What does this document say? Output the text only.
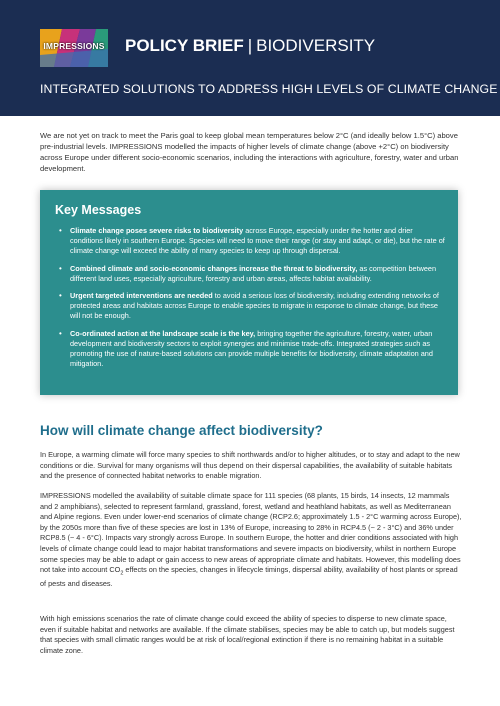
IMPRESSIONS POLICY BRIEF | BIODIVERSITY
INTEGRATED SOLUTIONS TO ADDRESS HIGH LEVELS OF CLIMATE CHANGE

We are not yet on track to meet the Paris goal to keep global mean temperatures below 2°C (and ideally below 1.5°C) above pre-industrial levels. IMPRESSIONS modelled the impacts of higher levels of climate change (above +2°C) on biodiversity across Europe under different socio-economic scenarios, including the interactions with agriculture, forestry, water and urban development.

Key Messages
• Climate change poses severe risks to biodiversity across Europe, especially under the hotter and drier conditions likely in southern Europe. Species will need to move their range (or stay and adapt, or die), but the rate of climate change will exceed the ability of many species to keep up through dispersal.
• Combined climate and socio-economic changes increase the threat to biodiversity, as competition between different land uses, especially agriculture, forestry and urban areas, affects habitat availability.
• Urgent targeted interventions are needed to avoid a serious loss of biodiversity, including extending networks of protected areas and habitats across Europe to enable species to migrate in response to climate change, but these will not be enough.
• Co-ordinated action at the landscape scale is the key, bringing together the agriculture, forestry, water, urban development and biodiversity sectors to exploit synergies and minimise trade-offs. Integrated strategies such as promoting the use of nature-based solutions can provide multiple benefits for biodiversity, climate adaptation and mitigation.
How will climate change affect biodiversity?

In Europe, a warming climate will force many species to shift northwards and/or to higher altitudes, or to stay and adapt to the new conditions or die. Survival for many organisms will thus depend on their dispersal capabilities, the availability of suitable habitats and the presence of connected habitat networks to enable migration.

IMPRESSIONS modelled the availability of suitable climate space for 111 species (68 plants, 15 birds, 14 insects, 12 mammals and 2 amphibians), selected to represent farmland, grassland, forest, wetland and heathland habitats, as well as Mediterranean and Alpine regions. Even under lower-end scenarios of climate change (RCP2.6; approximately 1.5 - 2°C warming across Europe), by the 2050s more than five of these species are lost in 13% of Europe, increasing to 28% in RCP4.5 (~ 2 - 3°C) and 36% under RCP8.5 (~ 4 - 6°C). Impacts vary strongly across Europe. In southern Europe, the hotter and drier conditions associated with high levels of climate change could lead to major habitat transformations and severe impacts on biodiversity, whilst in northern Europe some species may be able to adapt or gain access to new areas of appropriate climate and habitats. However, this modelling does not take into account $CO_2$ effects on the species, changes in lifecycle timings, dispersal ability, availability of host plants or spread of pests and diseases.

With high emissions scenarios the rate of climate change could exceed the ability of species to disperse to new climate space, even if suitable habitat and networks are available. If the climate stabilises, species may be able to catch up, but models suggest that species with small climatic ranges would be at risk of local/regional extinction if there is no remaining habitat in a suitable climate zone.
